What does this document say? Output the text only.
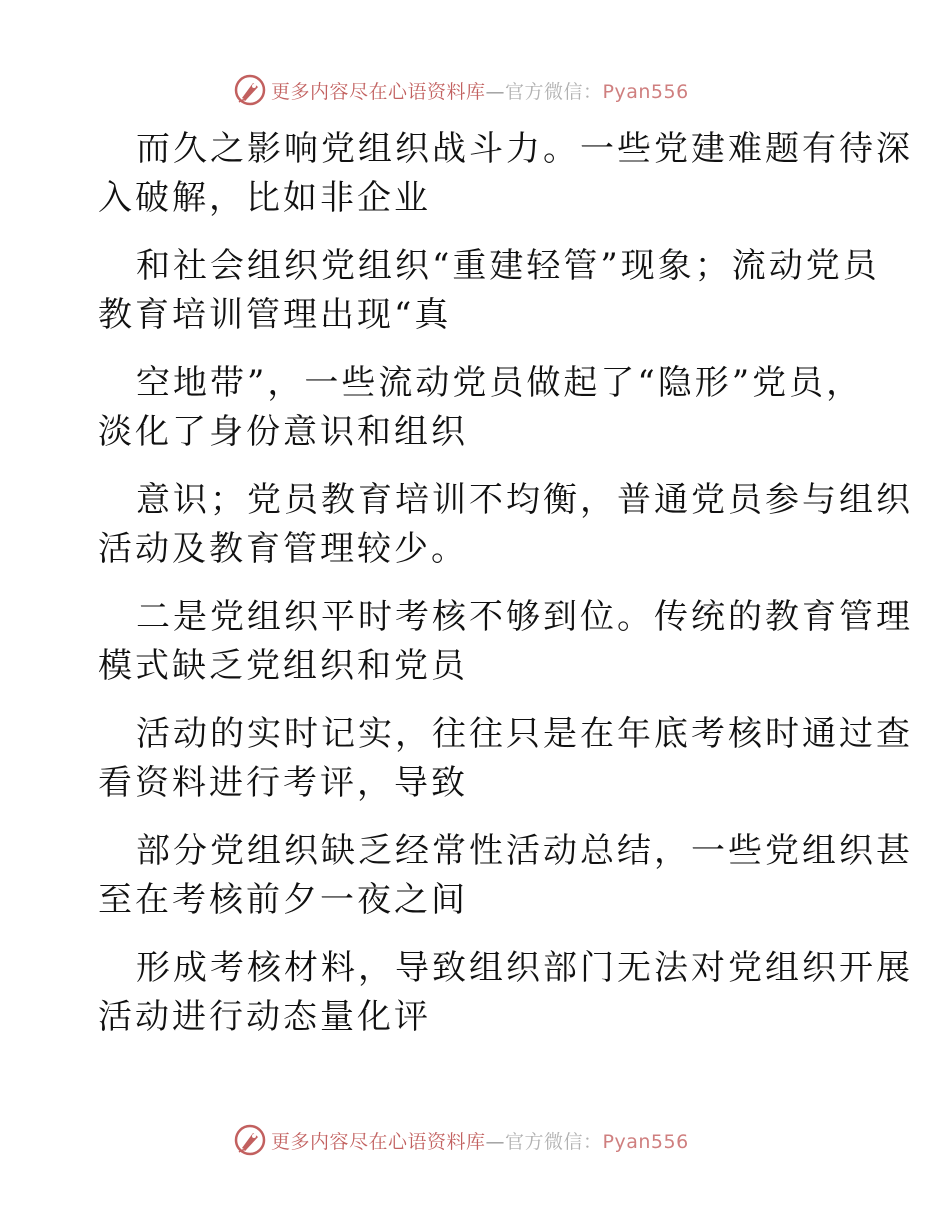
更多内容尽在心语资料库—官方微信：Pyan556
而久之影响党组织战斗力。一些党建难题有待深
入破解，比如非企业
和社会组织党组织“重建轻管”现象；流动党员
教育培训管理出现“真
空地带”，一些流动党员做起了“隐形”党员，
淡化了身份意识和组织
意识；党员教育培训不均衡，普通党员参与组织
活动及教育管理较少。
二是党组织平时考核不够到位。传统的教育管理
模式缺乏党组织和党员
活动的实时记实，往往只是在年底考核时通过查
看资料进行考评，导致
部分党组织缺乏经常性活动总结，一些党组织甚
至在考核前夕一夜之间
形成考核材料，导致组织部门无法对党组织开展
活动进行动态量化评
更多内容尽在心语资料库—官方微信：Pyan556
